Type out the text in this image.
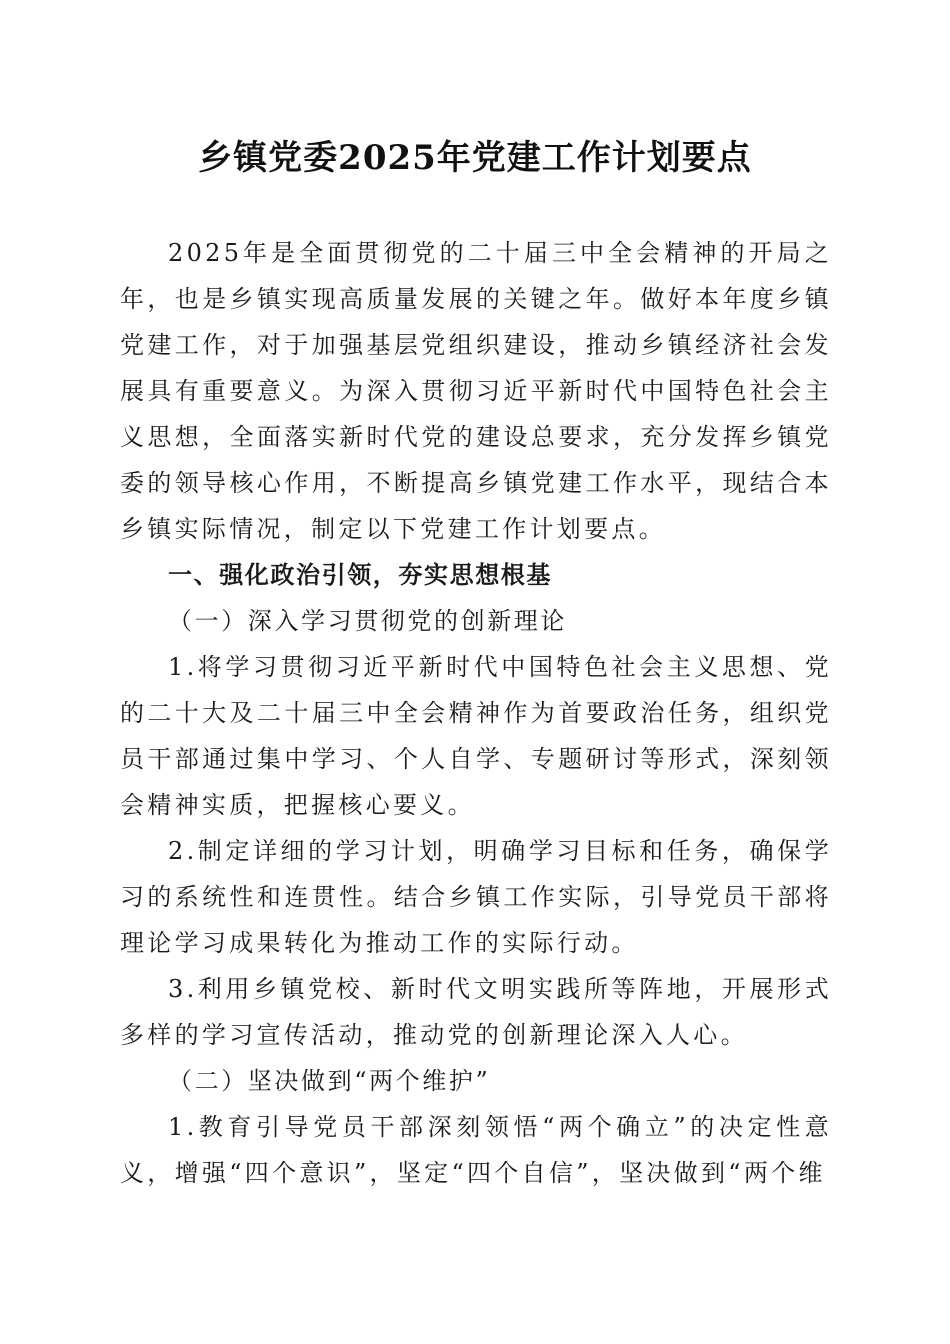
乡镇党委2025年党建工作计划要点

2025年是全面贯彻党的二十届三中全会精神的开局之年，也是乡镇实现高质量发展的关键之年。做好本年度乡镇党建工作，对于加强基层党组织建设，推动乡镇经济社会发展具有重要意义。为深入贯彻习近平新时代中国特色社会主义思想，全面落实新时代党的建设总要求，充分发挥乡镇党委的领导核心作用，不断提高乡镇党建工作水平，现结合本乡镇实际情况，制定以下党建工作计划要点。

一、强化政治引领，夯实思想根基

（一）深入学习贯彻党的创新理论

1.将学习贯彻习近平新时代中国特色社会主义思想、党的二十大及二十届三中全会精神作为首要政治任务，组织党员干部通过集中学习、个人自学、专题研讨等形式，深刻领会精神实质，把握核心要义。

2.制定详细的学习计划，明确学习目标和任务，确保学习的系统性和连贯性。结合乡镇工作实际，引导党员干部将理论学习成果转化为推动工作的实际行动。

3.利用乡镇党校、新时代文明实践所等阵地，开展形式多样的学习宣传活动，推动党的创新理论深入人心。

（二）坚决做到“两个维护”

1.教育引导党员干部深刻领悟“两个确立”的决定性意义，增强“四个意识”，坚定“四个自信”，坚决做到“两个维
